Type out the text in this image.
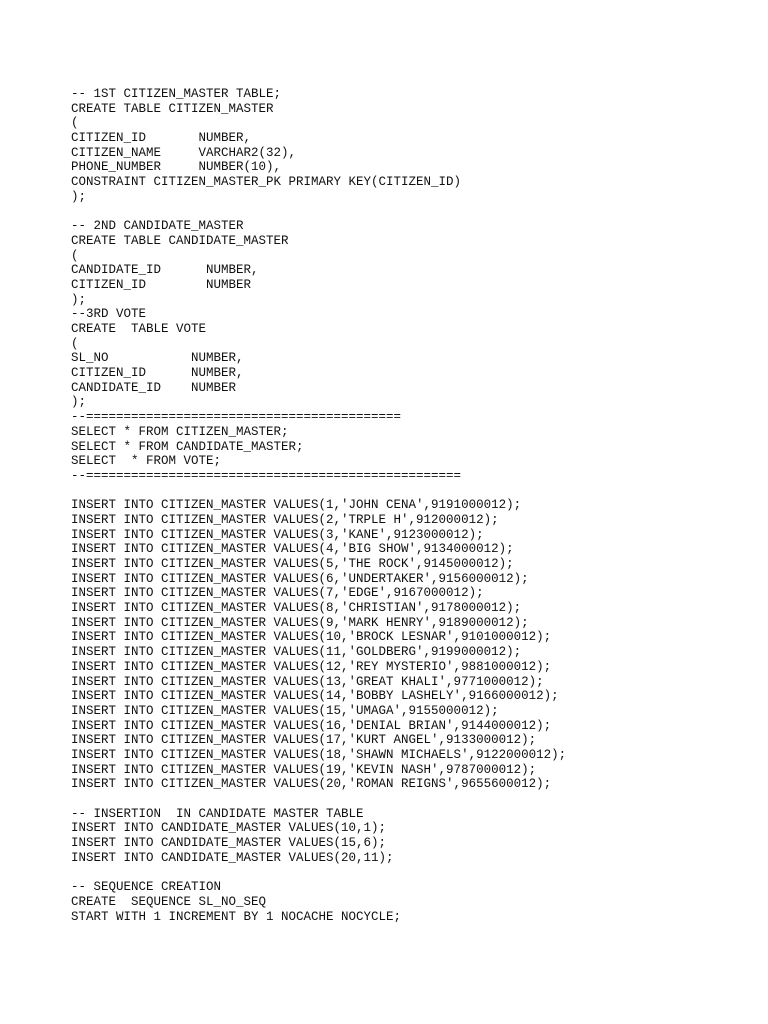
-- 1ST CITIZEN_MASTER TABLE;
CREATE TABLE CITIZEN_MASTER
(
CITIZEN_ID       NUMBER,
CITIZEN_NAME     VARCHAR2(32),
PHONE_NUMBER     NUMBER(10),
CONSTRAINT CITIZEN_MASTER_PK PRIMARY KEY(CITIZEN_ID)
);
-- 2ND CANDIDATE_MASTER
CREATE TABLE CANDIDATE_MASTER
(
CANDIDATE_ID      NUMBER,
CITIZEN_ID        NUMBER
);
--3RD VOTE
CREATE  TABLE VOTE
(
SL_NO           NUMBER,
CITIZEN_ID      NUMBER,
CANDIDATE_ID    NUMBER
);
--==========================================
SELECT * FROM CITIZEN_MASTER;
SELECT * FROM CANDIDATE_MASTER;
SELECT  * FROM VOTE;
--==================================================
INSERT INTO CITIZEN_MASTER VALUES(1,'JOHN CENA',9191000012);
INSERT INTO CITIZEN_MASTER VALUES(2,'TRPLE H',912000012);
INSERT INTO CITIZEN_MASTER VALUES(3,'KANE',9123000012);
INSERT INTO CITIZEN_MASTER VALUES(4,'BIG SHOW',9134000012);
INSERT INTO CITIZEN_MASTER VALUES(5,'THE ROCK',9145000012);
INSERT INTO CITIZEN_MASTER VALUES(6,'UNDERTAKER',9156000012);
INSERT INTO CITIZEN_MASTER VALUES(7,'EDGE',9167000012);
INSERT INTO CITIZEN_MASTER VALUES(8,'CHRISTIAN',9178000012);
INSERT INTO CITIZEN_MASTER VALUES(9,'MARK HENRY',9189000012);
INSERT INTO CITIZEN_MASTER VALUES(10,'BROCK LESNAR',9101000012);
INSERT INTO CITIZEN_MASTER VALUES(11,'GOLDBERG',9199000012);
INSERT INTO CITIZEN_MASTER VALUES(12,'REY MYSTERIO',9881000012);
INSERT INTO CITIZEN_MASTER VALUES(13,'GREAT KHALI',9771000012);
INSERT INTO CITIZEN_MASTER VALUES(14,'BOBBY LASHELY',9166000012);
INSERT INTO CITIZEN_MASTER VALUES(15,'UMAGA',9155000012);
INSERT INTO CITIZEN_MASTER VALUES(16,'DENIAL BRIAN',9144000012);
INSERT INTO CITIZEN_MASTER VALUES(17,'KURT ANGEL',9133000012);
INSERT INTO CITIZEN_MASTER VALUES(18,'SHAWN MICHAELS',9122000012);
INSERT INTO CITIZEN_MASTER VALUES(19,'KEVIN NASH',9787000012);
INSERT INTO CITIZEN_MASTER VALUES(20,'ROMAN REIGNS',9655600012);
-- INSERTION  IN CANDIDATE MASTER TABLE
INSERT INTO CANDIDATE_MASTER VALUES(10,1);
INSERT INTO CANDIDATE_MASTER VALUES(15,6);
INSERT INTO CANDIDATE_MASTER VALUES(20,11);
-- SEQUENCE CREATION
CREATE  SEQUENCE SL_NO_SEQ
START WITH 1 INCREMENT BY 1 NOCACHE NOCYCLE;
